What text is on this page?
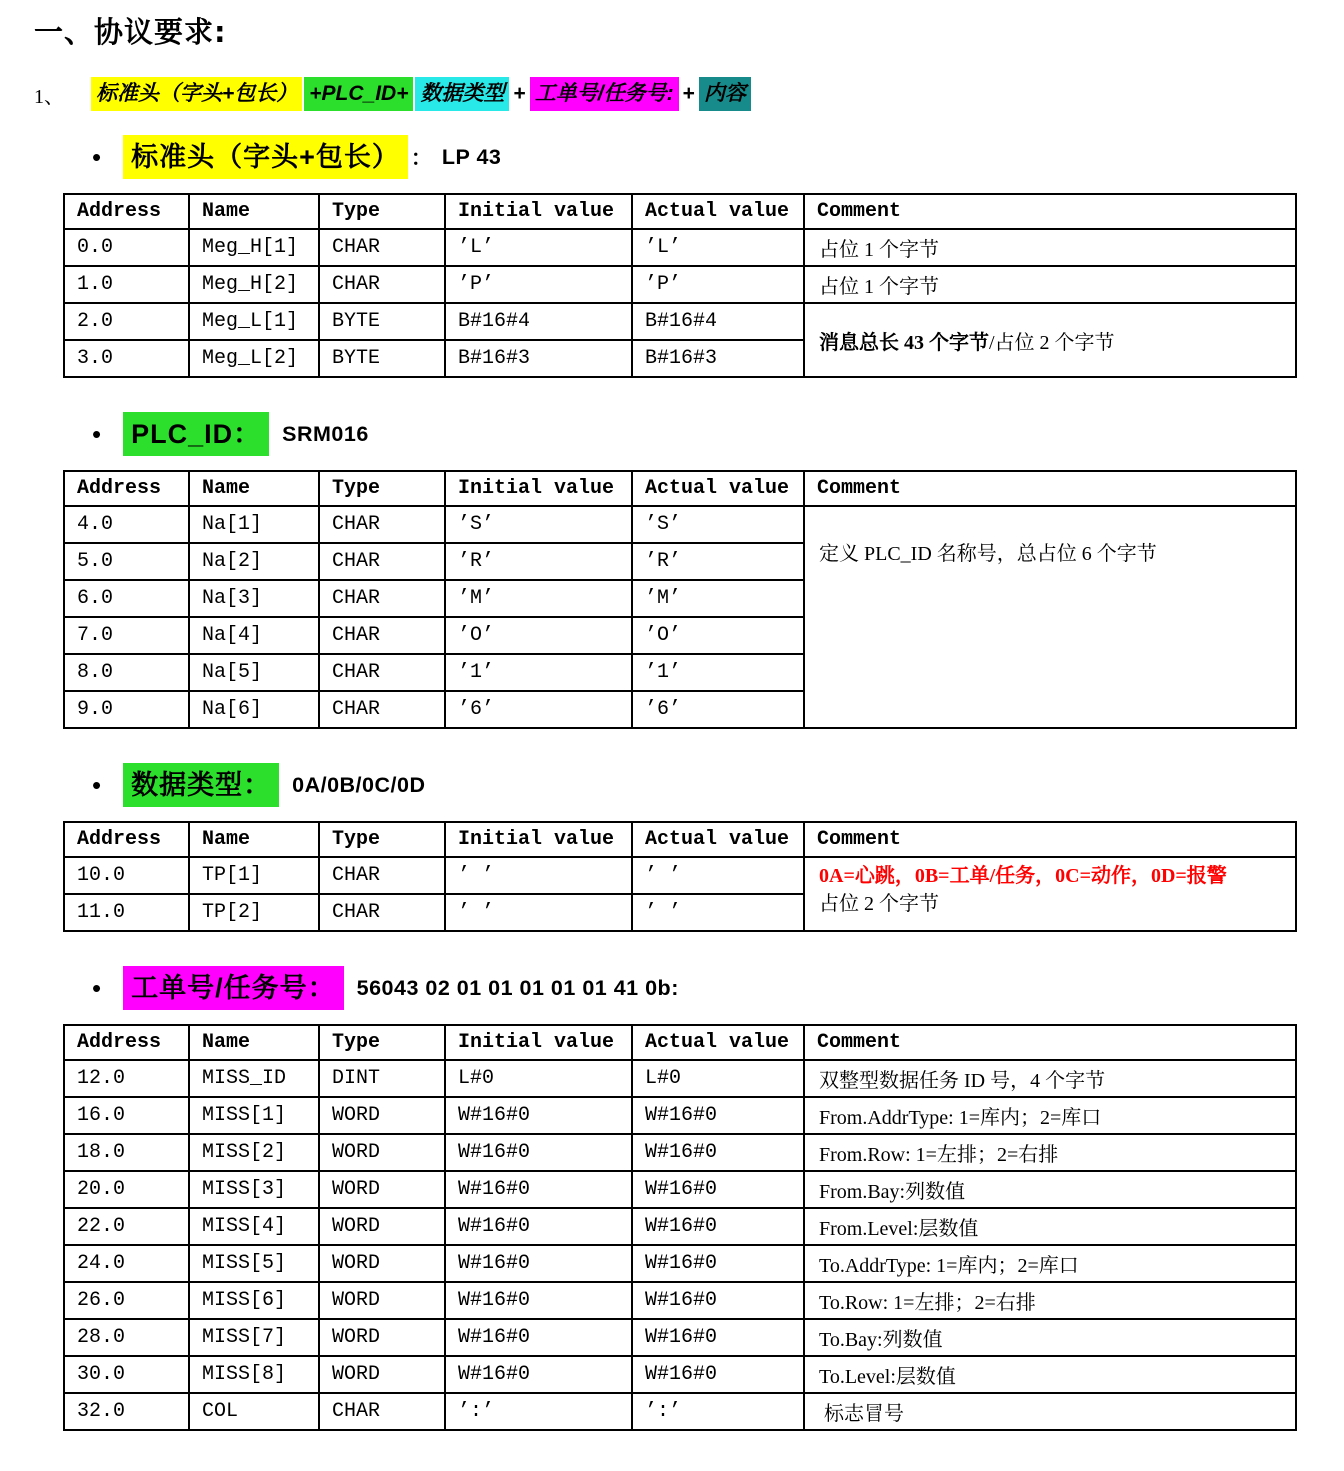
一、协议要求:
1、 标准头（字头+包长） +PLC_ID+ 数据类型 + 工单号/任务号:+内容
• 标准头（字头+包长） ： LP 43
Address	Name	Type	Initial value	Actual value	Comment
0.0	Meg_H[1]	CHAR	’L’	’L’	占位 1 个字节
1.0	Meg_H[2]	CHAR	’P’	’P’	占位 1 个字节
2.0	Meg_L[1]	BYTE	B#16#4	B#16#4	消息总长 43 个字节/占位 2 个字节
3.0	Meg_L[2]	BYTE	B#16#3	B#16#3	
• PLC_ID： SRM016
Address	Name	Type	Initial value	Actual value	Comment
4.0	Na[1]	CHAR	’S’	’S’	定义 PLC_ID 名称号，总占位 6 个字节
5.0	Na[2]	CHAR	’R’	’R’	
6.0	Na[3]	CHAR	’M’	’M’	
7.0	Na[4]	CHAR	’O’	’O’	
8.0	Na[5]	CHAR	’1’	’1’	
9.0	Na[6]	CHAR	’6’	’6’	
• 数据类型： 0A/0B/0C/0D
Address	Name	Type	Initial value	Actual value	Comment
10.0	TP[1]	CHAR	’ ’	’ ’	0A=心跳，0B=工单/任务，0C=动作，0D=报警
占位 2 个字节

11.0	TP[2]	CHAR	’ ’	’ ’	
• 工单号/任务号： 56043 02 01 01 01 01 01 41 0b:
Address	Name	Type	Initial value	Actual value	Comment
12.0	MISS_ID	DINT	L#0	L#0	双整型数据任务 ID 号，4 个字节
16.0	MISS[1]	WORD	W#16#0	W#16#0	From.AddrType: 1=库内；2=库口
18.0	MISS[2]	WORD	W#16#0	W#16#0	From.Row: 1=左排；2=右排
20.0	MISS[3]	WORD	W#16#0	W#16#0	From.Bay:列数值
22.0	MISS[4]	WORD	W#16#0	W#16#0	From.Level:层数值
24.0	MISS[5]	WORD	W#16#0	W#16#0	To.AddrType: 1=库内；2=库口
26.0	MISS[6]	WORD	W#16#0	W#16#0	To.Row: 1=左排；2=右排
28.0	MISS[7]	WORD	W#16#0	W#16#0	To.Bay:列数值
30.0	MISS[8]	WORD	W#16#0	W#16#0	To.Level:层数值
32.0	COL	CHAR	’:’	’:’	标志冒号
